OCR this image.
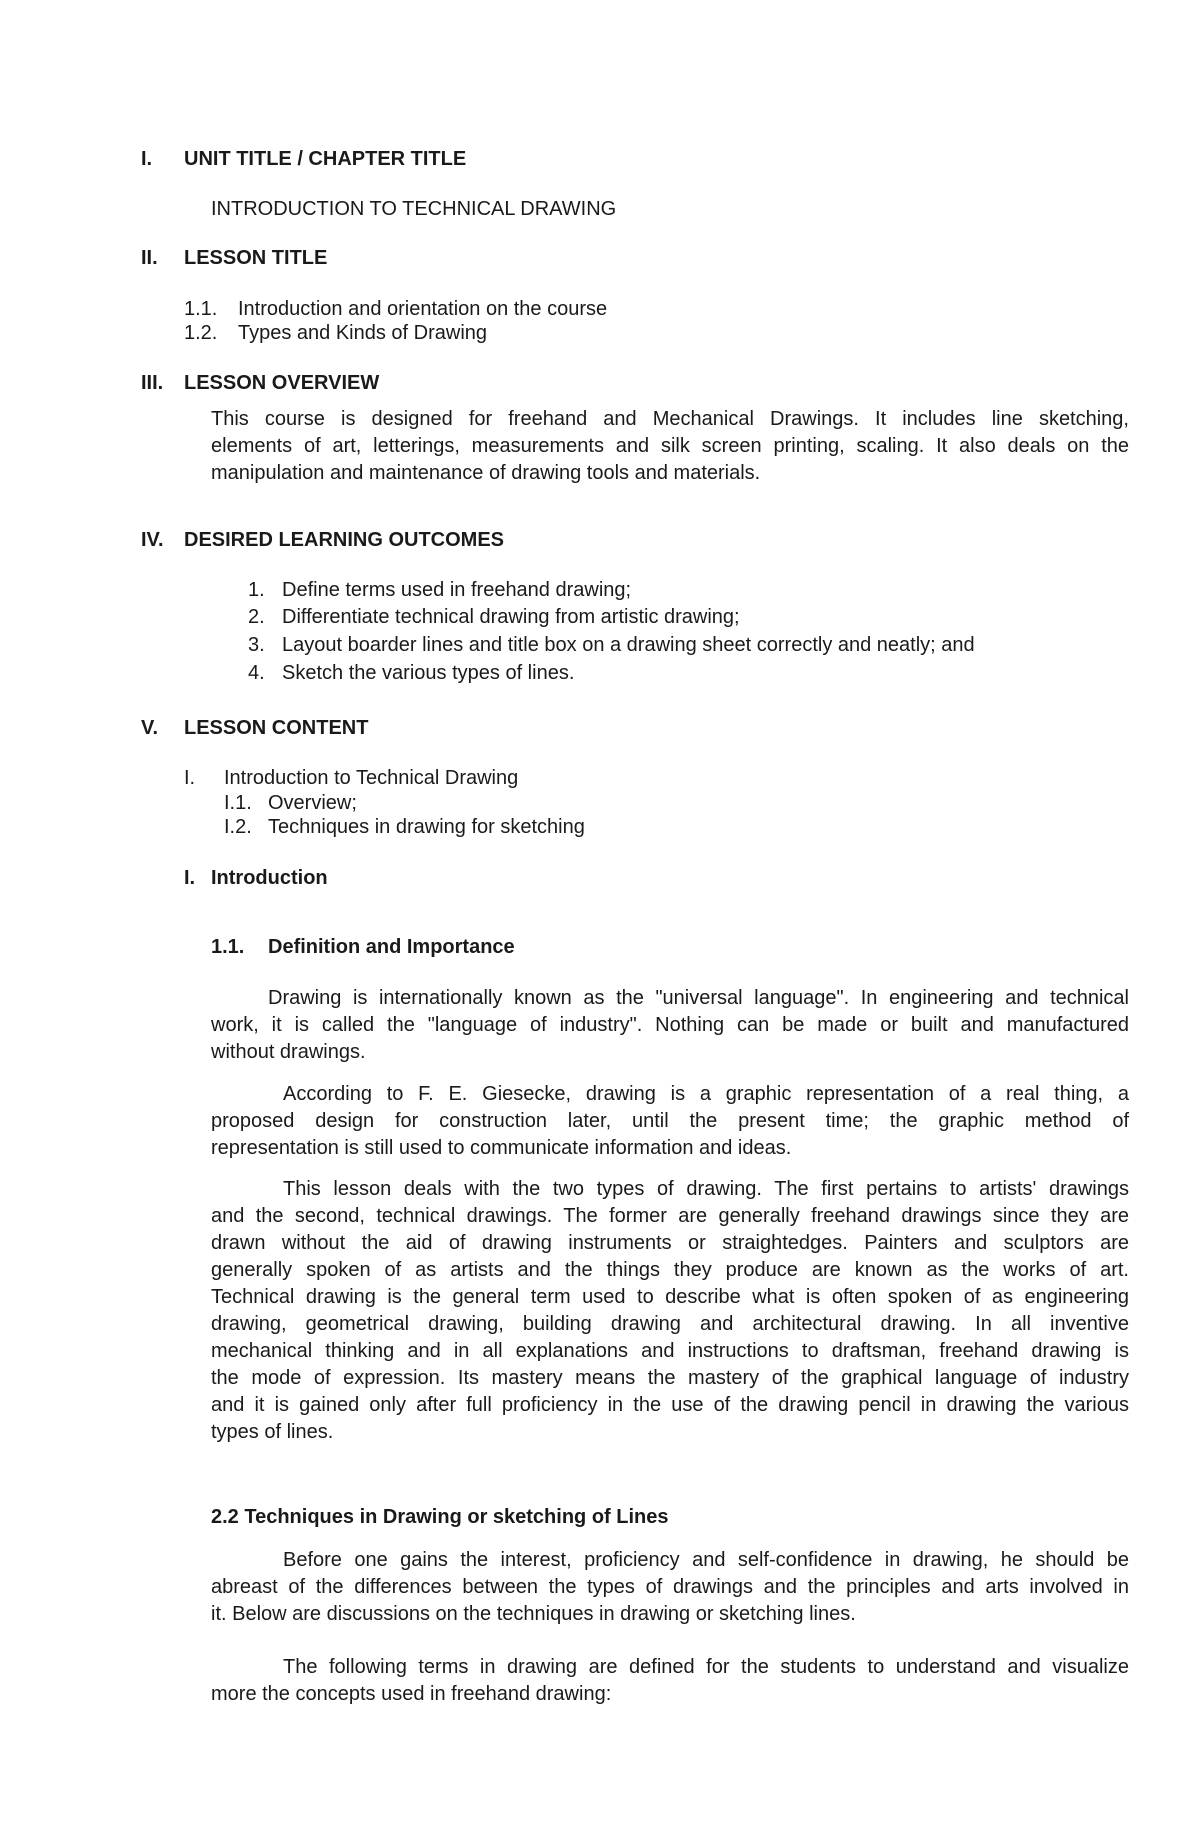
I. UNIT TITLE / CHAPTER TITLE
INTRODUCTION TO TECHNICAL DRAWING
II. LESSON TITLE
1.1. Introduction and orientation on the course
1.2. Types and Kinds of Drawing
III. LESSON OVERVIEW
This course is designed for freehand and Mechanical Drawings. It includes line sketching,
elements of art, letterings, measurements and silk screen printing, scaling. It also deals on the
manipulation and maintenance of drawing tools and materials.
IV. DESIRED LEARNING OUTCOMES
1. Define terms used in freehand drawing;
2. Differentiate technical drawing from artistic drawing;
3. Layout boarder lines and title box on a drawing sheet correctly and neatly; and
4. Sketch the various types of lines.
V. LESSON CONTENT
I. Introduction to Technical Drawing
I.1. Overview;
I.2. Techniques in drawing for sketching
I. Introduction
1.1. Definition and Importance
Drawing is internationally known as the "universal language". In engineering and technical
work, it is called the "language of industry". Nothing can be made or built and manufactured
without drawings.
According to F. E. Giesecke, drawing is a graphic representation of a real thing, a
proposed design for construction later, until the present time; the graphic method of
representation is still used to communicate information and ideas.
This lesson deals with the two types of drawing. The first pertains to artists' drawings
and the second, technical drawings. The former are generally freehand drawings since they are
drawn without the aid of drawing instruments or straightedges. Painters and sculptors are
generally spoken of as artists and the things they produce are known as the works of art.
Technical drawing is the general term used to describe what is often spoken of as engineering
drawing, geometrical drawing, building drawing and architectural drawing. In all inventive
mechanical thinking and in all explanations and instructions to draftsman, freehand drawing is
the mode of expression. Its mastery means the mastery of the graphical language of industry
and it is gained only after full proficiency in the use of the drawing pencil in drawing the various
types of lines.
2.2 Techniques in Drawing or sketching of Lines
Before one gains the interest, proficiency and self-confidence in drawing, he should be
abreast of the differences between the types of drawings and the principles and arts involved in
it. Below are discussions on the techniques in drawing or sketching lines.
The following terms in drawing are defined for the students to understand and visualize
more the concepts used in freehand drawing:
